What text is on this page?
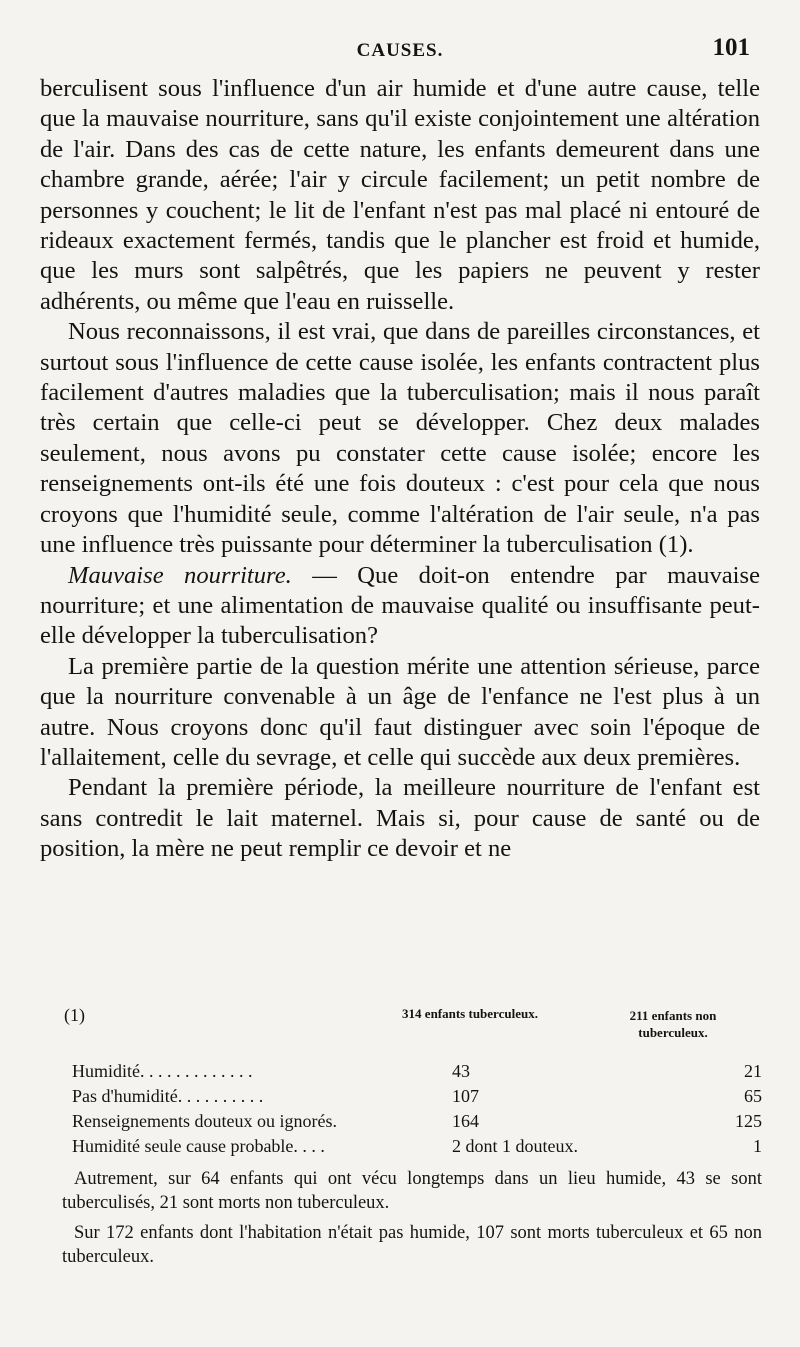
CAUSES.	101

berculisent sous l'influence d'un air humide et d'une autre cause, telle que la mauvaise nourriture, sans qu'il existe conjointement une altération de l'air. Dans des cas de cette nature, les enfants demeurent dans une chambre grande, aérée; l'air y circule facilement; un petit nombre de personnes y couchent; le lit de l'enfant n'est pas mal placé ni entouré de rideaux exactement fermés, tandis que le plancher est froid et humide, que les murs sont salpêtrés, que les papiers ne peuvent y rester adhérents, ou même que l'eau en ruisselle.

Nous reconnaissons, il est vrai, que dans de pareilles circonstances, et surtout sous l'influence de cette cause isolée, les enfants contractent plus facilement d'autres maladies que la tuberculisation; mais il nous paraît très certain que celle-ci peut se développer. Chez deux malades seulement, nous avons pu constater cette cause isolée; encore les renseignements ont-ils été une fois douteux : c'est pour cela que nous croyons que l'humidité seule, comme l'altération de l'air seule, n'a pas une influence très puissante pour déterminer la tuberculisation (1).

Mauvaise nourriture. — Que doit-on entendre par mauvaise nourriture; et une alimentation de mauvaise qualité ou insuffisante peut-elle développer la tuberculisation?

La première partie de la question mérite une attention sérieuse, parce que la nourriture convenable à un âge de l'enfance ne l'est plus à un autre. Nous croyons donc qu'il faut distinguer avec soin l'époque de l'allaitement, celle du sevrage, et celle qui succède aux deux premières.

Pendant la première période, la meilleure nourriture de l'enfant est sans contredit le lait maternel. Mais si, pour cause de santé ou de position, la mère ne peut remplir ce devoir et ne

(1)	314 enfants tuberculeux.	211 enfants non tuberculeux.
Humidité. . . . . . . . . . . . .	43	21
Pas d'humidité. . . . . . . . . .	107	65
Renseignements douteux ou ignorés.	164	125
Humidité seule cause probable. . . .	2 dont 1 douteux.	1

Autrement, sur 64 enfants qui ont vécu longtemps dans un lieu humide, 43 se sont tuberculisés, 21 sont morts non tuberculeux.

Sur 172 enfants dont l'habitation n'était pas humide, 107 sont morts tuberculeux et 65 non tuberculeux.
